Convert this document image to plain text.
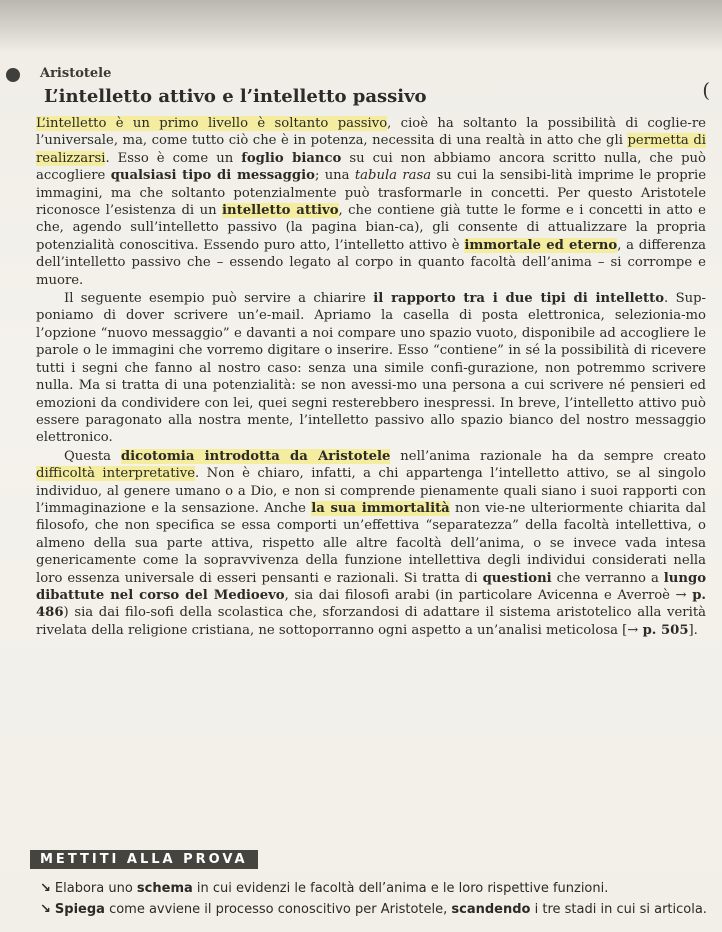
Aristotele
(
L’intelletto attivo e l’intelletto passivo

L’intelletto è un primo livello è soltanto passivo, cioè ha soltanto la possibilità di coglie-re l’universale, ma, come tutto ciò che è in potenza, necessita di una realtà in atto che gli permetta di realizzarsi. Esso è come un foglio bianco su cui non abbiamo ancora scritto nulla, che può accogliere qualsiasi tipo di messaggio; una tabula rasa su cui la sensibi-lità imprime le proprie immagini, ma che soltanto potenzialmente può trasformarle in concetti. Per questo Aristotele riconosce l’esistenza di un intelletto attivo, che contiene già tutte le forme e i concetti in atto e che, agendo sull’intelletto passivo (la pagina bian-ca), gli consente di attualizzare la propria potenzialità conoscitiva. Essendo puro atto, l’intelletto attivo è immortale ed eterno, a differenza dell’intelletto passivo che – essendo legato al corpo in quanto facoltà dell’anima – si corrompe e muore.

Il seguente esempio può servire a chiarire il rapporto tra i due tipi di intelletto. Sup-poniamo di dover scrivere un’e-mail. Apriamo la casella di posta elettronica, selezionia-mo l’opzione “nuovo messaggio” e davanti a noi compare uno spazio vuoto, disponibile ad accogliere le parole o le immagini che vorremo digitare o inserire. Esso “contiene” in sé la possibilità di ricevere tutti i segni che fanno al nostro caso: senza una simile confi-gurazione, non potremmo scrivere nulla. Ma si tratta di una potenzialità: se non avessi-mo una persona a cui scrivere né pensieri ed emozioni da condividere con lei, quei segni resterebbero inespressi. In breve, l’intelletto attivo può essere paragonato alla nostra mente, l’intelletto passivo allo spazio bianco del nostro messaggio elettronico.

Questa dicotomia introdotta da Aristotele nell’anima razionale ha da sempre creato difficoltà interpretative. Non è chiaro, infatti, a chi appartenga l’intelletto attivo, se al singolo individuo, al genere umano o a Dio, e non si comprende pienamente quali siano i suoi rapporti con l’immaginazione e la sensazione. Anche la sua immortalità non vie-ne ulteriormente chiarita dal filosofo, che non specifica se essa comporti un’effettiva “separatezza” della facoltà intellettiva, o almeno della sua parte attiva, rispetto alle altre facoltà dell’anima, o se invece vada intesa genericamente come la sopravvivenza della funzione intellettiva degli individui considerati nella loro essenza universale di esseri pensanti e razionali. Si tratta di questioni che verranno a lungo dibattute nel corso del Medioevo, sia dai filosofi arabi (in particolare Avicenna e Averroè → p. 486) sia dai filo-sofi della scolastica che, sforzandosi di adattare il sistema aristotelico alla verità rivelata della religione cristiana, ne sottoporranno ogni aspetto a un’analisi meticolosa [→ p. 505].

METTITI ALLA PROVA
↘ Elabora uno schema in cui evidenzi le facoltà dell’anima e le loro rispettive funzioni.
↘ Spiega come avviene il processo conoscitivo per Aristotele, scandendo i tre stadi in cui si articola.
